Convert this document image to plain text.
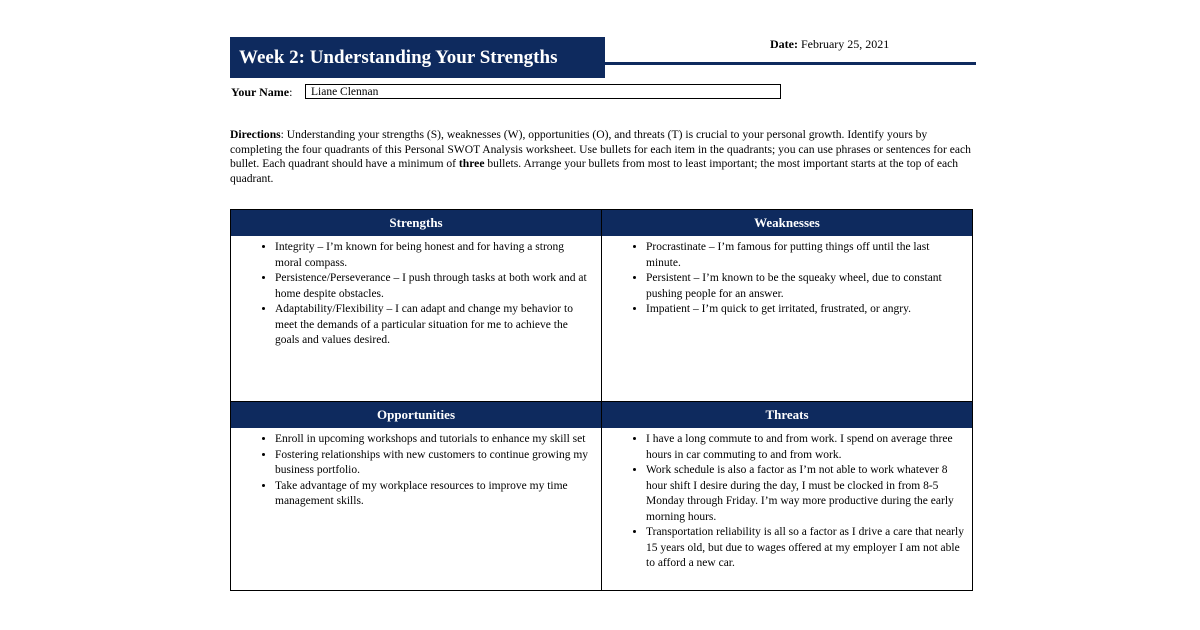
Week 2: Understanding Your Strengths
Date: February 25, 2021
Your Name:	Liane Clennan
Directions: Understanding your strengths (S), weaknesses (W), opportunities (O), and threats (T) is crucial to your personal growth. Identify yours by completing the four quadrants of this Personal SWOT Analysis worksheet. Use bullets for each item in the quadrants; you can use phrases or sentences for each bullet. Each quadrant should have a minimum of three bullets. Arrange your bullets from most to least important; the most important starts at the top of each quadrant.
Strengths
• Integrity – I’m known for being honest and for having a strong moral compass.
• Persistence/Perseverance – I push through tasks at both work and at home despite obstacles.
• Adaptability/Flexibility – I can adapt and change my behavior to meet the demands of a particular situation for me to achieve the goals and values desired.
Weaknesses
• Procrastinate – I’m famous for putting things off until the last minute.
• Persistent – I’m known to be the squeaky wheel, due to constant pushing people for an answer.
• Impatient – I’m quick to get irritated, frustrated, or angry.
Opportunities
• Enroll in upcoming workshops and tutorials to enhance my skill set
• Fostering relationships with new customers to continue growing my business portfolio.
• Take advantage of my workplace resources to improve my time management skills.
Threats
• I have a long commute to and from work. I spend on average three hours in car commuting to and from work.
• Work schedule is also a factor as I’m not able to work whatever 8 hour shift I desire during the day, I must be clocked in from 8-5 Monday through Friday. I’m way more productive during the early morning hours.
• Transportation reliability is all so a factor as I drive a care that nearly 15 years old, but due to wages offered at my employer I am not able to afford a new car.
